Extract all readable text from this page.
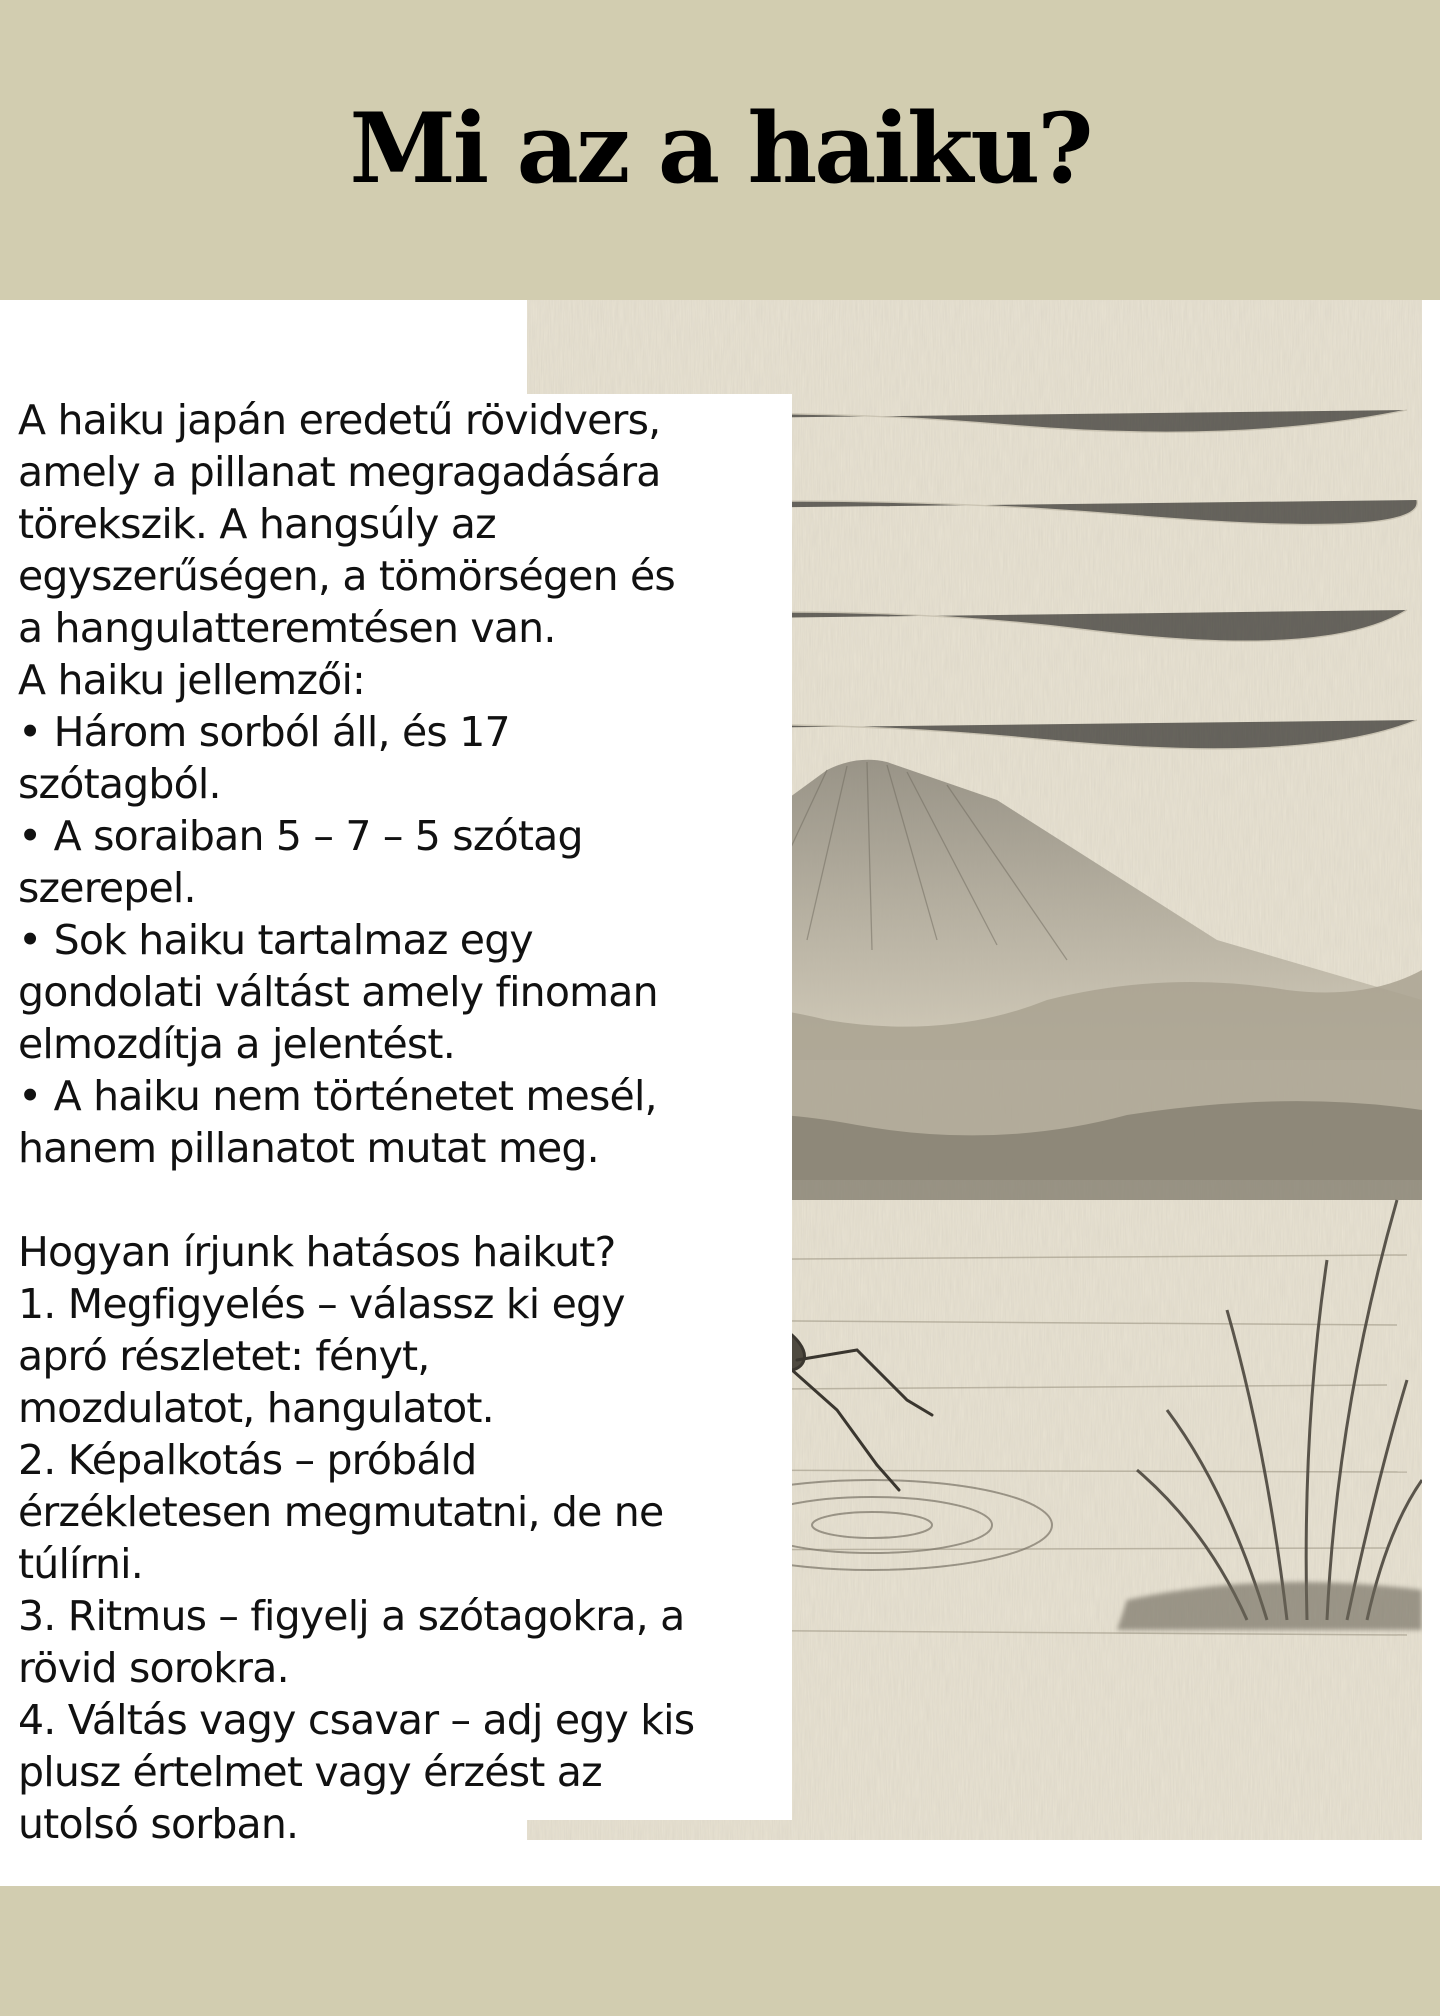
Mi az a haiku?
A haiku japán eredetű rövidvers,
amely a pillanat megragadására
törekszik. A hangsúly az
egyszerűségen, a tömörségen és
a hangulatteremtésen van.
A haiku jellemzői:
• Három sorból áll, és 17
szótagból.
• A soraiban 5 – 7 – 5 szótag
szerepel.
• Sok haiku tartalmaz egy
gondolati váltást amely finoman
elmozdítja a jelentést.
• A haiku nem történetet mesél,
hanem pillanatot mutat meg.
Hogyan írjunk hatásos haikut?
1. Megfigyelés – válassz ki egy
apró részletet: fényt,
mozdulatot, hangulatot.
2. Képalkotás – próbáld
érzékletesen megmutatni, de ne
túlírni.
3. Ritmus – figyelj a szótagokra, a
rövid sorokra.
4. Váltás vagy csavar – adj egy kis
plusz értelmet vagy érzést az
utolsó sorban.
